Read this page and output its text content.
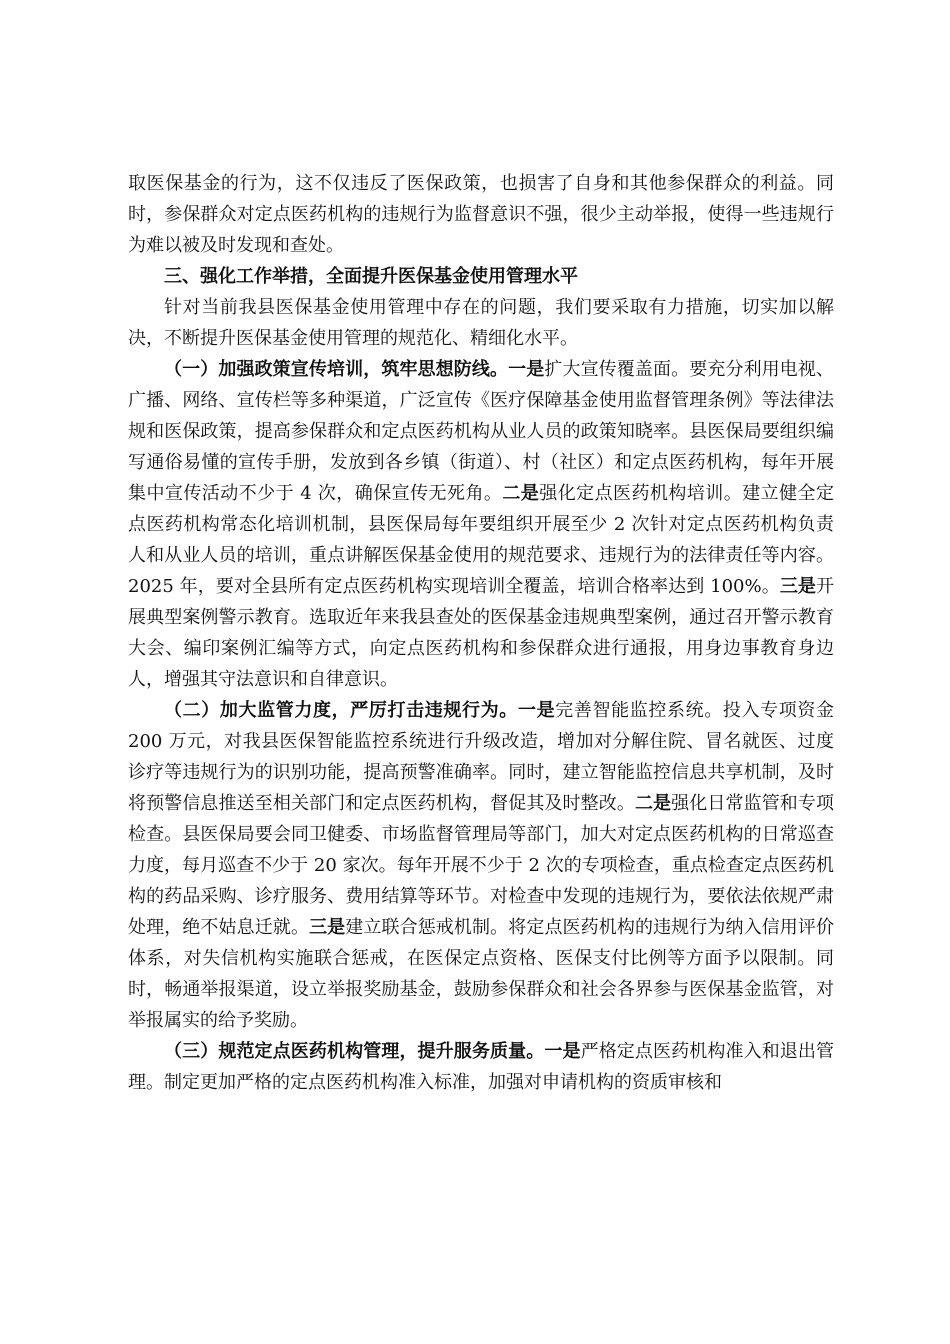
取医保基金的行为，这不仅违反了医保政策，也损害了自身和其他参保群众的利益。同时，参保群众对定点医药机构的违规行为监督意识不强，很少主动举报，使得一些违规行为难以被及时发现和查处。

三、强化工作举措，全面提升医保基金使用管理水平

针对当前我县医保基金使用管理中存在的问题，我们要采取有力措施，切实加以解决，不断提升医保基金使用管理的规范化、精细化水平。

（一）加强政策宣传培训，筑牢思想防线。一是扩大宣传覆盖面。要充分利用电视、广播、网络、宣传栏等多种渠道，广泛宣传《医疗保障基金使用监督管理条例》等法律法规和医保政策，提高参保群众和定点医药机构从业人员的政策知晓率。县医保局要组织编写通俗易懂的宣传手册，发放到各乡镇（街道）、村（社区）和定点医药机构，每年开展集中宣传活动不少于 4 次，确保宣传无死角。二是强化定点医药机构培训。建立健全定点医药机构常态化培训机制，县医保局每年要组织开展至少 2 次针对定点医药机构负责人和从业人员的培训，重点讲解医保基金使用的规范要求、违规行为的法律责任等内容。2025 年，要对全县所有定点医药机构实现培训全覆盖，培训合格率达到 100%。三是开展典型案例警示教育。选取近年来我县查处的医保基金违规典型案例，通过召开警示教育大会、编印案例汇编等方式，向定点医药机构和参保群众进行通报，用身边事教育身边人，增强其守法意识和自律意识。

（二）加大监管力度，严厉打击违规行为。一是完善智能监控系统。投入专项资金 200 万元，对我县医保智能监控系统进行升级改造，增加对分解住院、冒名就医、过度诊疗等违规行为的识别功能，提高预警准确率。同时，建立智能监控信息共享机制，及时将预警信息推送至相关部门和定点医药机构，督促其及时整改。二是强化日常监管和专项检查。县医保局要会同卫健委、市场监督管理局等部门，加大对定点医药机构的日常巡查力度，每月巡查不少于 20 家次。每年开展不少于 2 次的专项检查，重点检查定点医药机构的药品采购、诊疗服务、费用结算等环节。对检查中发现的违规行为，要依法依规严肃处理，绝不姑息迁就。三是建立联合惩戒机制。将定点医药机构的违规行为纳入信用评价体系，对失信机构实施联合惩戒，在医保定点资格、医保支付比例等方面予以限制。同时，畅通举报渠道，设立举报奖励基金，鼓励参保群众和社会各界参与医保基金监管，对举报属实的给予奖励。

（三）规范定点医药机构管理，提升服务质量。一是严格定点医药机构准入和退出管理。制定更加严格的定点医药机构准入标准，加强对申请机构的资质审核和
